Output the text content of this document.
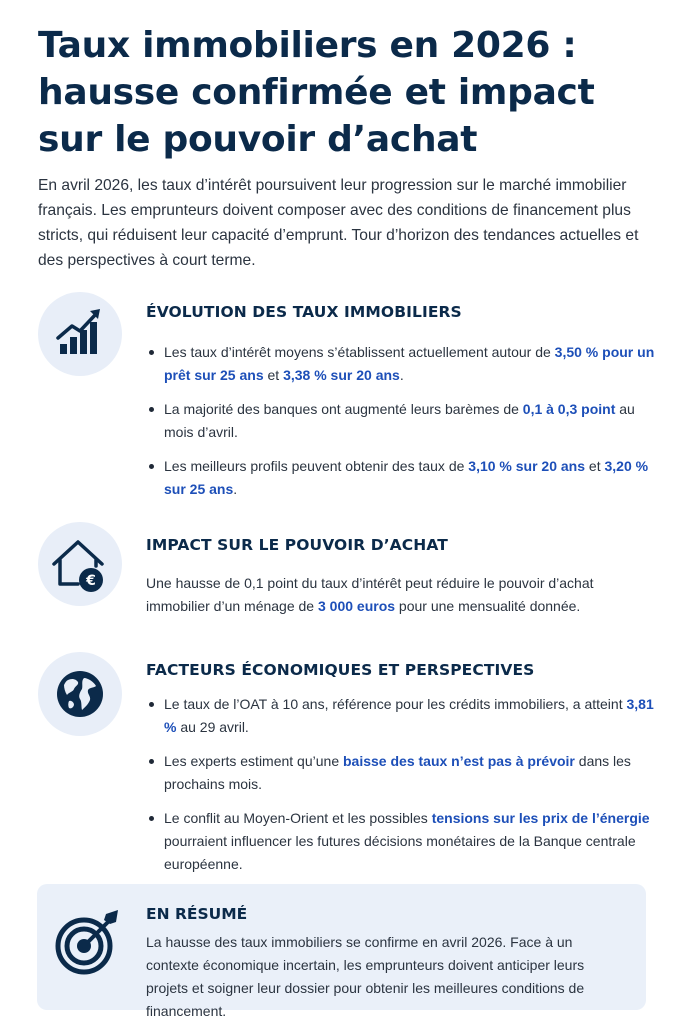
Taux immobiliers en 2026 : hausse confirmée et impact sur le pouvoir d’achat

En avril 2026, les taux d’intérêt poursuivent leur progression sur le marché immobilier français. Les emprunteurs doivent composer avec des conditions de financement plus stricts, qui réduisent leur capacité d’emprunt. Tour d’horizon des tendances actuelles et des perspectives à court terme.

ÉVOLUTION DES TAUX IMMOBILIERS
Les taux d’intérêt moyens s’établissent actuellement autour de 3,50 % pour un prêt sur 25 ans et 3,38 % sur 20 ans.
La majorité des banques ont augmenté leurs barèmes de 0,1 à 0,3 point au mois d’avril.
Les meilleurs profils peuvent obtenir des taux de 3,10 % sur 20 ans et 3,20 % sur 25 ans.
€
IMPACT SUR LE POUVOIR D’ACHAT

Une hausse de 0,1 point du taux d’intérêt peut réduire le pouvoir d’achat immobilier d’un ménage de 3 000 euros pour une mensualité donnée.

FACTEURS ÉCONOMIQUES ET PERSPECTIVES
Le taux de l’OAT à 10 ans, référence pour les crédits immobiliers, a atteint 3,81 % au 29 avril.
Les experts estiment qu’une baisse des taux n’est pas à prévoir dans les prochains mois.
Le conflit au Moyen-Orient et les possibles tensions sur les prix de l’énergie pourraient influencer les futures décisions monétaires de la Banque centrale européenne.
EN RÉSUMÉ

La hausse des taux immobiliers se confirme en avril 2026. Face à un contexte économique incertain, les emprunteurs doivent anticiper leurs projets et soigner leur dossier pour obtenir les meilleures conditions de financement.
